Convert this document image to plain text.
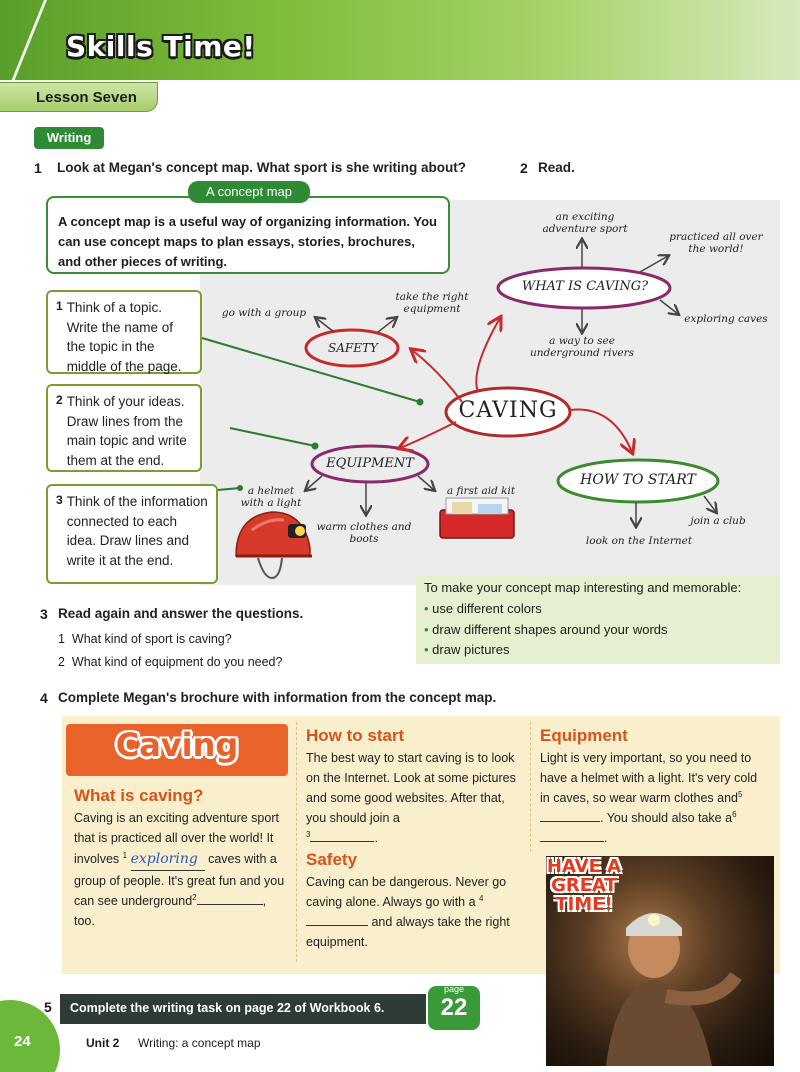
Skills Time!
Lesson Seven
Writing
1 Look at Megan's concept map. What sport is she writing about?	2 Read.
A concept map is a useful way of organizing information. You can use concept maps to plan essays, stories, brochures, and other pieces of writing.
A concept map
1 Think of a topic. Write the name of the topic in the middle of the page.
2 Think of your ideas. Draw lines from the main topic and write them at the end.
3 Think of the information connected to each idea. Draw lines and write it at the end.
CAVING
WHAT IS CAVING?
SAFETY
EQUIPMENT
HOW TO START
an exciting adventure sport
practiced all over the world!
exploring caves
a way to see underground rivers
take the right equipment
go with a group
a helmet with a light
warm clothes and boots
a first aid kit
join a club
look on the Internet
To make your concept map interesting and memorable:
• use different colors
• draw different shapes around your words
• draw pictures
3 Read again and answer the questions.
1 What kind of sport is caving?
2 What kind of equipment do you need?
4 Complete Megan's brochure with information from the concept map.
Caving
What is caving?
Caving is an exciting adventure sport that is practiced all over the world! It involves $^1$ exploring caves with a group of people. It's great fun and you can see underground$^2$	, too.
How to start
The best way to start caving is to look on the Internet. Look at some pictures and some good websites. After that, you should join a
$^3$	.
Safety
Caving can be dangerous. Never go caving alone. Always go with a $^4$ and always take the right equipment.
Equipment
Light is very important, so you need to have a helmet with a light. It's very cold in caves, so wear warm clothes and$^5$. You should also take $a^6$.
HAVE A GREAT TIME!
5 Complete the writing task on page 22 of Workbook 6.
page
22
24	Unit 2 Writing: a concept map
